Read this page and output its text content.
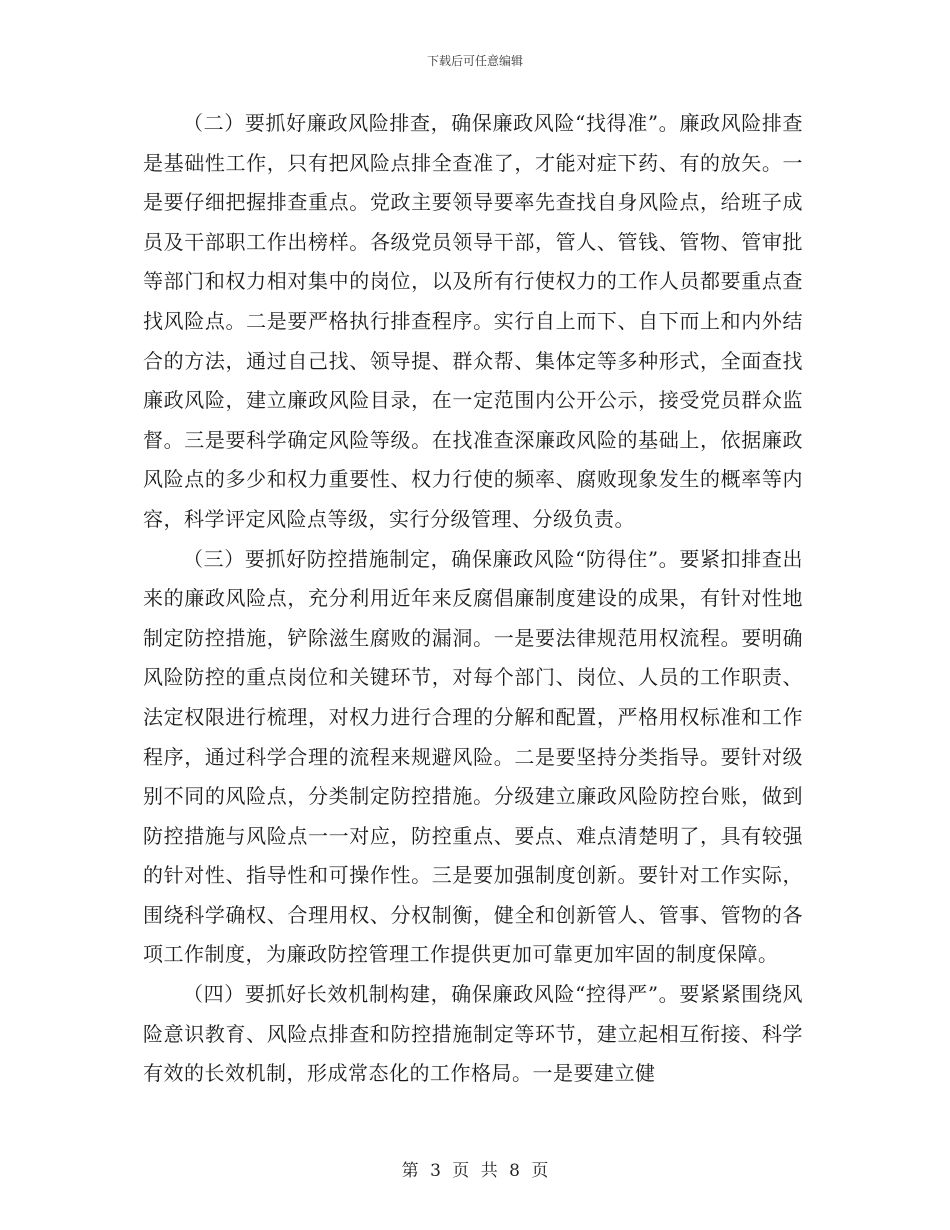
下载后可任意编辑

（二）要抓好廉政风险排查，确保廉政风险“找得准”。廉政风险排查是基础性工作，只有把风险点排全查准了，才能对症下药、有的放矢。一是要仔细把握排查重点。党政主要领导要率先查找自身风险点，给班子成员及干部职工作出榜样。各级党员领导干部，管人、管钱、管物、管审批等部门和权力相对集中的岗位，以及所有行使权力的工作人员都要重点查找风险点。二是要严格执行排查程序。实行自上而下、自下而上和内外结合的方法，通过自己找、领导提、群众帮、集体定等多种形式，全面查找廉政风险，建立廉政风险目录，在一定范围内公开公示，接受党员群众监督。三是要科学确定风险等级。在找准查深廉政风险的基础上，依据廉政风险点的多少和权力重要性、权力行使的频率、腐败现象发生的概率等内容，科学评定风险点等级，实行分级管理、分级负责。

（三）要抓好防控措施制定，确保廉政风险“防得住”。要紧扣排查出来的廉政风险点，充分利用近年来反腐倡廉制度建设的成果，有针对性地制定防控措施，铲除滋生腐败的漏洞。一是要法律规范用权流程。要明确风险防控的重点岗位和关键环节，对每个部门、岗位、人员的工作职责、法定权限进行梳理，对权力进行合理的分解和配置，严格用权标准和工作程序，通过科学合理的流程来规避风险。二是要坚持分类指导。要针对级别不同的风险点，分类制定防控措施。分级建立廉政风险防控台账，做到防控措施与风险点一一对应，防控重点、要点、难点清楚明了，具有较强的针对性、指导性和可操作性。三是要加强制度创新。要针对工作实际，围绕科学确权、合理用权、分权制衡，健全和创新管人、管事、管物的各项工作制度，为廉政防控管理工作提供更加可靠更加牢固的制度保障。

（四）要抓好长效机制构建，确保廉政风险“控得严”。要紧紧围绕风险意识教育、风险点排查和防控措施制定等环节，建立起相互衔接、科学有效的长效机制，形成常态化的工作格局。一是要建立健

第 3 页 共 8 页
